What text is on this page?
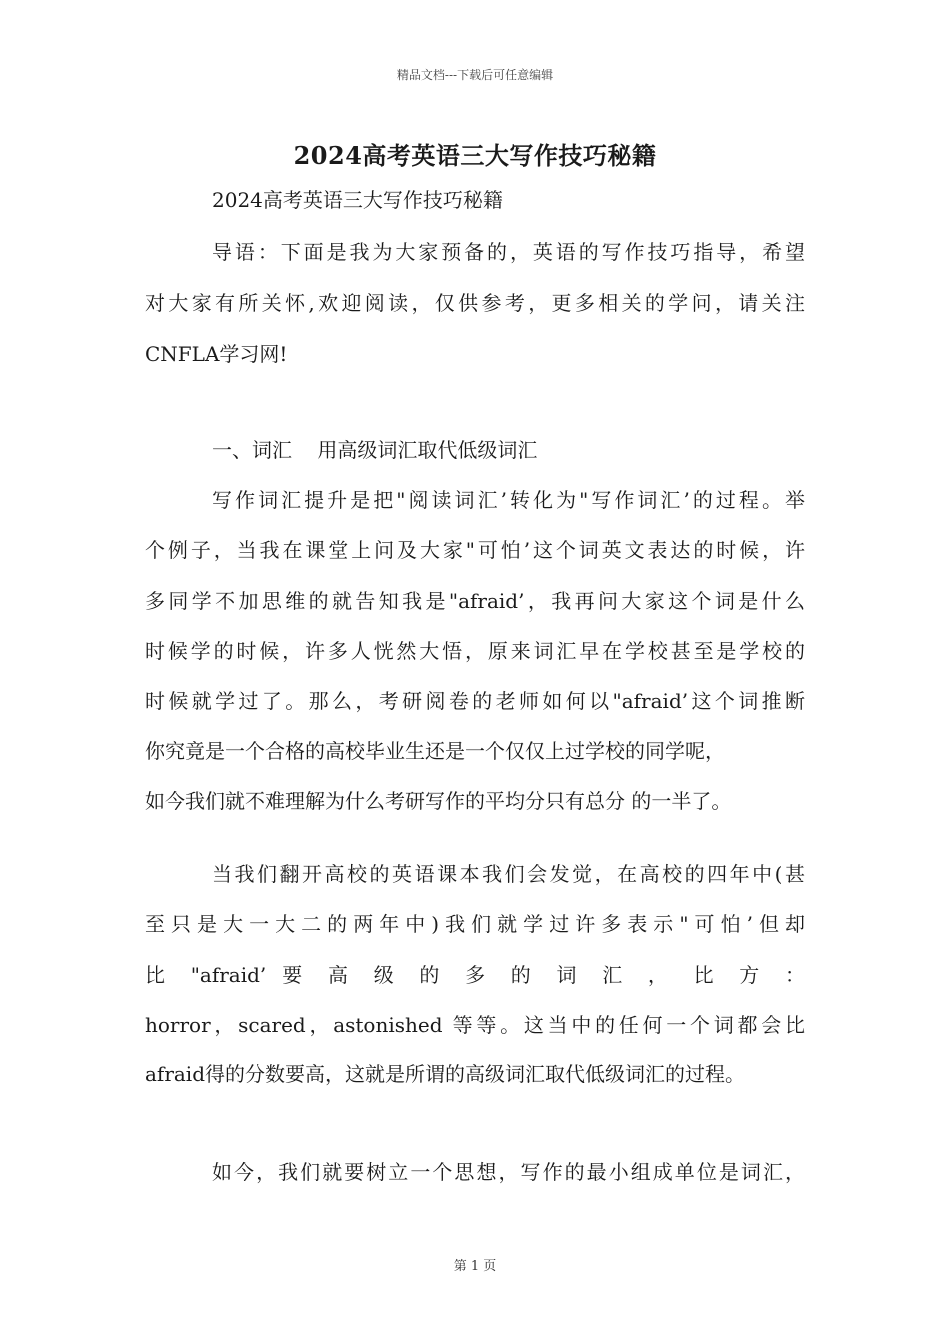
精品文档---下载后可任意编辑
2024高考英语三大写作技巧秘籍
2024高考英语三大写作技巧秘籍
导语：下面是我为大家预备的，英语的写作技巧指导，希望
对大家有所关怀,欢迎阅读，仅供参考，更多相关的学问，请关注
CNFLA学习网!
一、词汇    用高级词汇取代低级词汇
写作词汇提升是把"阅读词汇’转化为"写作词汇’的过程。举
个例子，当我在课堂上问及大家"可怕’这个词英文表达的时候，许
多同学不加思维的就告知我是"afraid’，我再问大家这个词是什么
时候学的时候，许多人恍然大悟，原来词汇早在学校甚至是学校的
时候就学过了。那么，考研阅卷的老师如何以"afraid’这个词推断
你究竟是一个合格的高校毕业生还是一个仅仅上过学校的同学呢，
如今我们就不难理解为什么考研写作的平均分只有总分 的一半了。
当我们翻开高校的英语课本我们会发觉，在高校的四年中(甚
至只是大一大二的两年中)我们就学过许多表示"可怕’但却
比 "afraid’ 要 高 级 的 多 的 词 汇 ， 比 方 ：
horror，scared，astonished 等等。这当中的任何一个词都会比
afraid得的分数要高，这就是所谓的高级词汇取代低级词汇的过程。
如今，我们就要树立一个思想，写作的最小组成单位是词汇，
第 1 页
